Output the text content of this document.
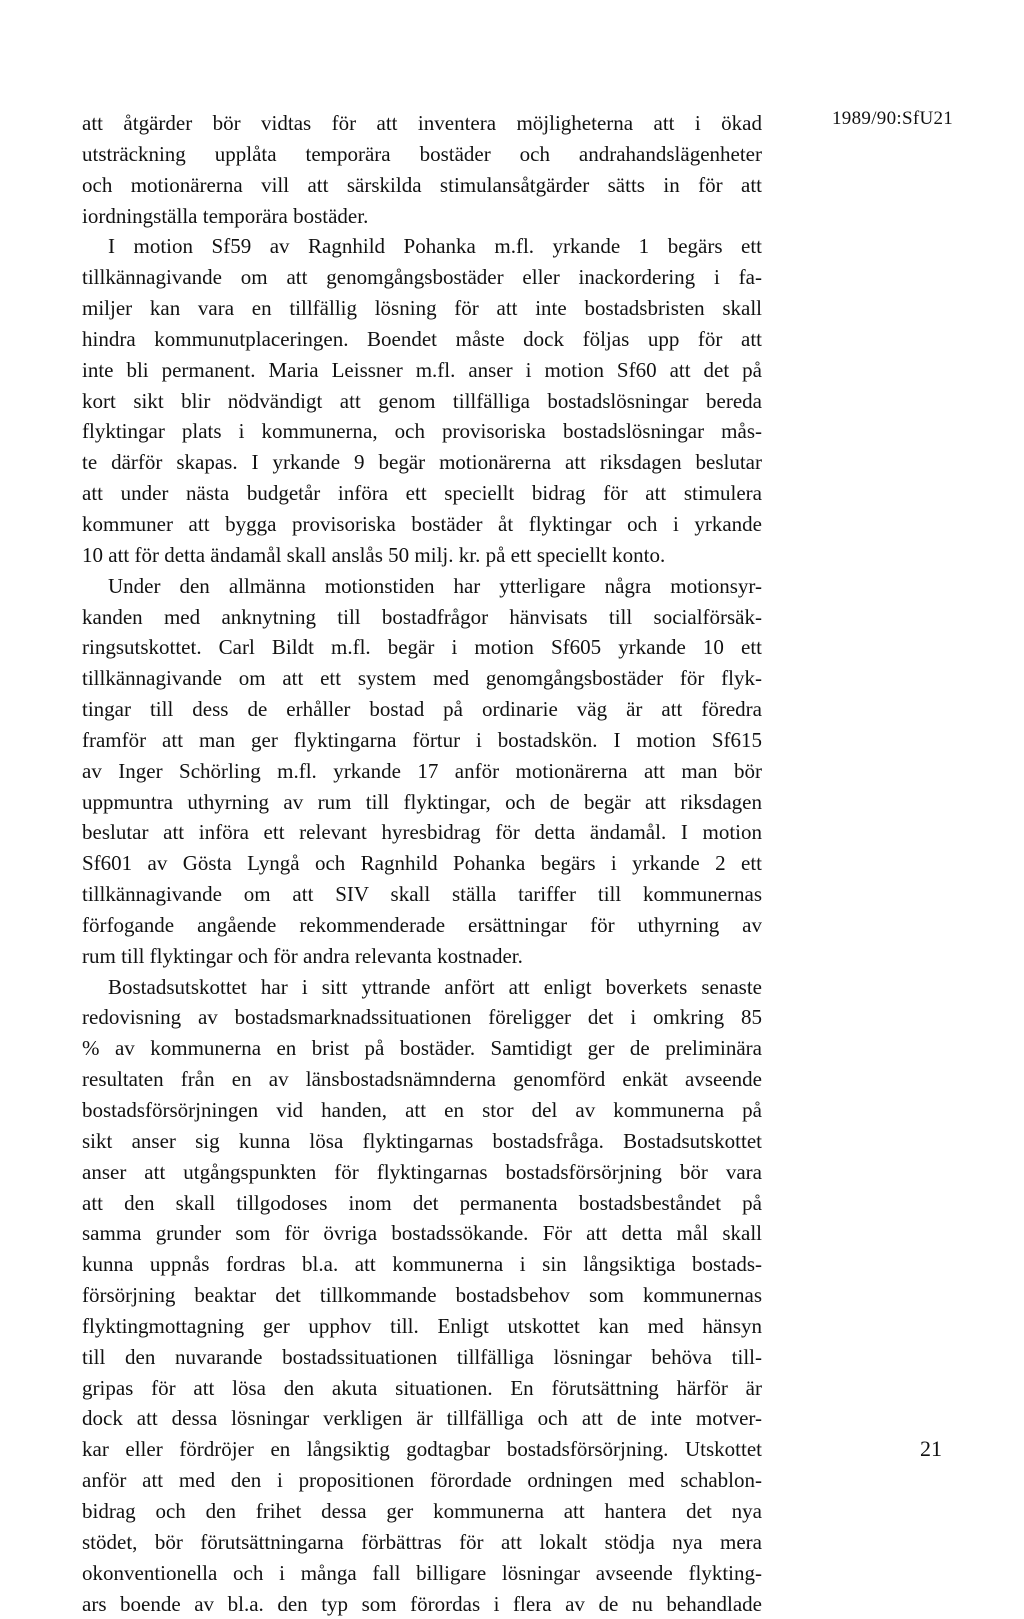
1989/90:SfU21
att åtgärder bör vidtas för att inventera möjligheterna att i ökad
utsträckning upplåta temporära bostäder och andrahandslägenheter
och motionärerna vill att särskilda stimulansåtgärder sätts in för att
iordningställa temporära bostäder.
I motion Sf59 av Ragnhild Pohanka m.fl. yrkande 1 begärs ett
tillkännagivande om att genomgångsbostäder eller inackordering i fa-
miljer kan vara en tillfällig lösning för att inte bostadsbristen skall
hindra kommunutplaceringen. Boendet måste dock följas upp för att
inte bli permanent. Maria Leissner m.fl. anser i motion Sf60 att det på
kort sikt blir nödvändigt att genom tillfälliga bostadslösningar bereda
flyktingar plats i kommunerna, och provisoriska bostadslösningar mås-
te därför skapas. I yrkande 9 begär motionärerna att riksdagen beslutar
att under nästa budgetår införa ett speciellt bidrag för att stimulera
kommuner att bygga provisoriska bostäder åt flyktingar och i yrkande
10 att för detta ändamål skall anslås 50 milj. kr. på ett speciellt konto.
Under den allmänna motionstiden har ytterligare några motionsyr-
kanden med anknytning till bostadfrågor hänvisats till socialförsäk-
ringsutskottet. Carl Bildt m.fl. begär i motion Sf605 yrkande 10 ett
tillkännagivande om att ett system med genomgångsbostäder för flyk-
tingar till dess de erhåller bostad på ordinarie väg är att föredra
framför att man ger flyktingarna förtur i bostadskön. I motion Sf615
av Inger Schörling m.fl. yrkande 17 anför motionärerna att man bör
uppmuntra uthyrning av rum till flyktingar, och de begär att riksdagen
beslutar att införa ett relevant hyresbidrag för detta ändamål. I motion
Sf601 av Gösta Lyngå och Ragnhild Pohanka begärs i yrkande 2 ett
tillkännagivande om att SIV skall ställa tariffer till kommunernas
förfogande angående rekommenderade ersättningar för uthyrning av
rum till flyktingar och för andra relevanta kostnader.
Bostadsutskottet har i sitt yttrande anfört att enligt boverkets senaste
redovisning av bostadsmarknadssituationen föreligger det i omkring 85
% av kommunerna en brist på bostäder. Samtidigt ger de preliminära
resultaten från en av länsbostadsnämnderna genomförd enkät avseende
bostadsförsörjningen vid handen, att en stor del av kommunerna på
sikt anser sig kunna lösa flyktingarnas bostadsfråga. Bostadsutskottet
anser att utgångspunkten för flyktingarnas bostadsförsörjning bör vara
att den skall tillgodoses inom det permanenta bostadsbeståndet på
samma grunder som för övriga bostadssökande. För att detta mål skall
kunna uppnås fordras bl.a. att kommunerna i sin långsiktiga bostads-
försörjning beaktar det tillkommande bostadsbehov som kommunernas
flyktingmottagning ger upphov till. Enligt utskottet kan med hänsyn
till den nuvarande bostadssituationen tillfälliga lösningar behöva till-
gripas för att lösa den akuta situationen. En förutsättning härför är
dock att dessa lösningar verkligen är tillfälliga och att de inte motver-
kar eller fördröjer en långsiktig godtagbar bostadsförsörjning. Utskottet
anför att med den i propositionen förordade ordningen med schablon-
bidrag och den frihet dessa ger kommunerna att hantera det nya
stödet, bör förutsättningarna förbättras för att lokalt stödja nya mera
okonventionella och i många fall billigare lösningar avseende flykting-
ars boende av bl.a. den typ som förordas i flera av de nu behandlade
21
